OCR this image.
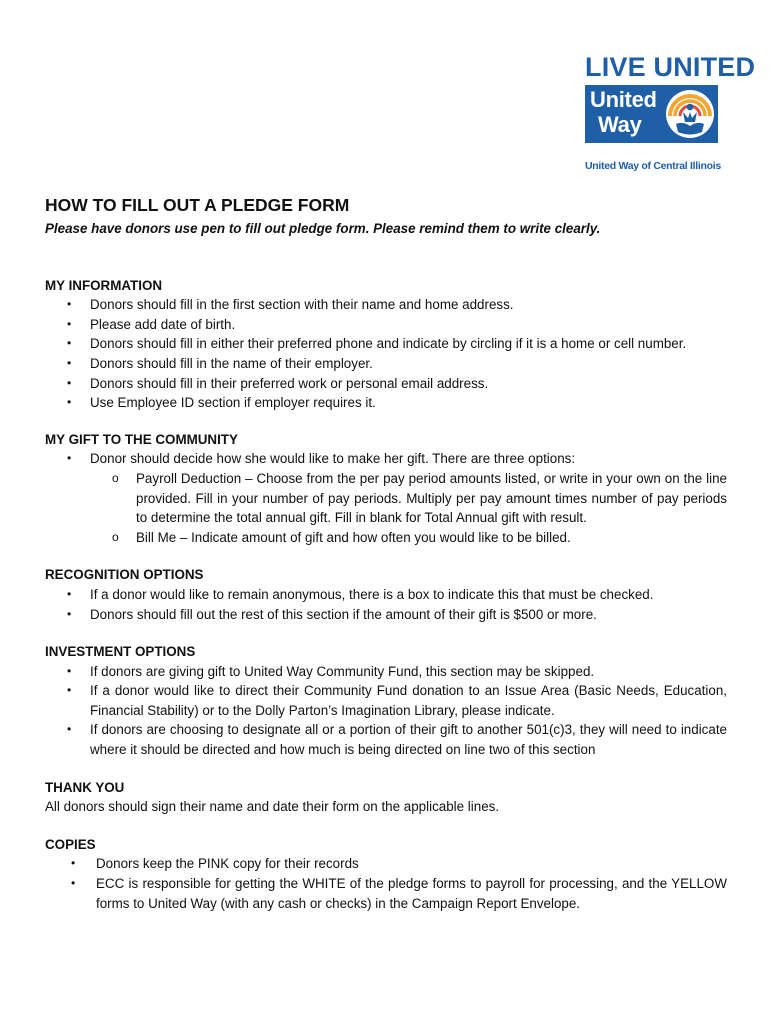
LIVE UNITED
United
Way
United Way of Central Illinois
HOW TO FILL OUT A PLEDGE FORM

Please have donors use pen to fill out pledge form. Please remind them to write clearly.

MY INFORMATION

• Donors should fill in the first section with their name and home address.
• Please add date of birth.
• Donors should fill in either their preferred phone and indicate by circling if it is a home or cell number.
• Donors should fill in the name of their employer.
• Donors should fill in their preferred work or personal email address.
• Use Employee ID section if employer requires it.

MY GIFT TO THE COMMUNITY

• Donor should decide how she would like to make her gift. There are three options:
o Payroll Deduction – Choose from the per pay period amounts listed, or write in your own on the line provided. Fill in your number of pay periods. Multiply per pay amount times number of pay periods to determine the total annual gift. Fill in blank for Total Annual gift with result.
o Bill Me – Indicate amount of gift and how often you would like to be billed.

RECOGNITION OPTIONS

• If a donor would like to remain anonymous, there is a box to indicate this that must be checked.
• Donors should fill out the rest of this section if the amount of their gift is $500 or more.

INVESTMENT OPTIONS

• If donors are giving gift to United Way Community Fund, this section may be skipped.
• If a donor would like to direct their Community Fund donation to an Issue Area (Basic Needs, Education, Financial Stability) or to the Dolly Parton’s Imagination Library, please indicate.
• If donors are choosing to designate all or a portion of their gift to another 501(c)3, they will need to indicate where it should be directed and how much is being directed on line two of this section

THANK YOU

All donors should sign their name and date their form on the applicable lines.

COPIES

• Donors keep the PINK copy for their records
• ECC is responsible for getting the WHITE of the pledge forms to payroll for processing, and the YELLOW forms to United Way (with any cash or checks) in the Campaign Report Envelope.
